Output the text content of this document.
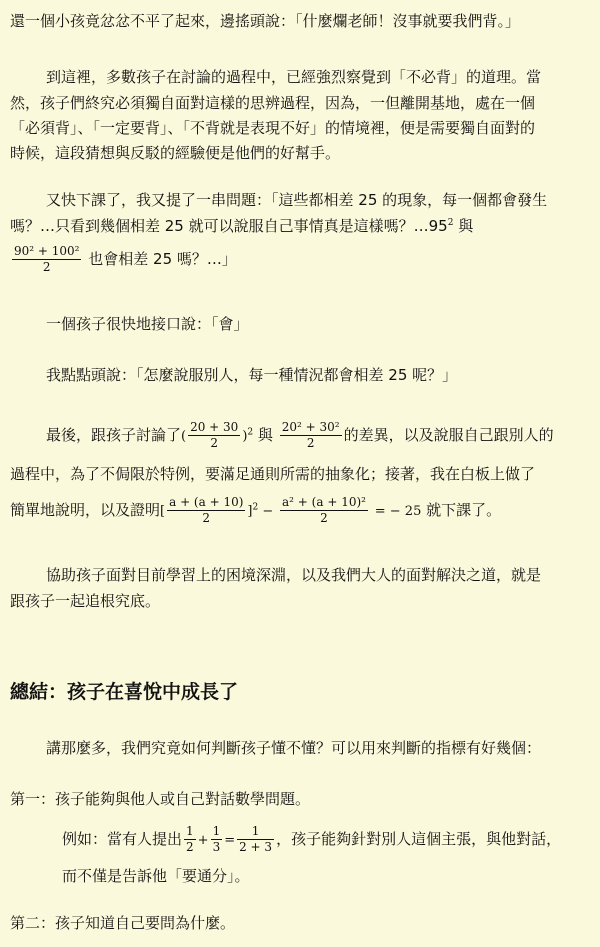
還一個小孩竟忿忿不平了起來，邊搖頭說：「什麼爛老師！沒事就要我們背。」
到這裡，多數孩子在討論的過程中，已經強烈察覺到「不必背」的道理。當
然，孩子們終究必須獨自面對這樣的思辨過程，因為，一但離開基地，處在一個
「必須背」、「一定要背」、「不背就是表現不好」的情境裡，便是需要獨自面對的
時候，這段猜想與反駁的經驗便是他們的好幫手。
又快下課了，我又提了一串問題：「這些都相差 25 的現象，每一個都會發生
嗎？…只看到幾個相差 25 就可以說服自己事情真是這樣嗎？$\dots 95^2$ 與
$\frac{\text{90² + 100²}}{2}$ 也會相差 25 嗎？…」
一個孩子很快地接口說：「會」
我點點頭說：「怎麼說服別人，每一種情況都會相差 25 呢？」
最後，跟孩子討論了( $\frac{20 + 30}{2} )^2$ 與 $\frac{\text{20² + 30²}}{2}$ 的差異，以及說服自己跟別人的
過程中，為了不侷限於特例，要滿足通則所需的抽象化；接著，我在白板上做了
簡單地說明，以及證明[ $\frac{a + (a + 10)}{2} ]^2 - \frac{\text{a² + (a + 10)²}}{2}$ = − 25 就下課了。
協助孩子面對目前學習上的困境深淵，以及我們大人的面對解決之道，就是
跟孩子一起追根究底。
總結：孩子在喜悅中成長了
講那麼多，我們究竟如何判斷孩子懂不懂？可以用來判斷的指標有好幾個：
第一：孩子能夠與他人或自己對話數學問題。
例如：當有人提出 $\frac{1}{2} + \frac{1}{3} = \frac{1}{2 + 3}$ ，孩子能夠針對別人這個主張，與他對話，
而不僅是告訴他「要通分」。
第二：孩子知道自己要問為什麼。
